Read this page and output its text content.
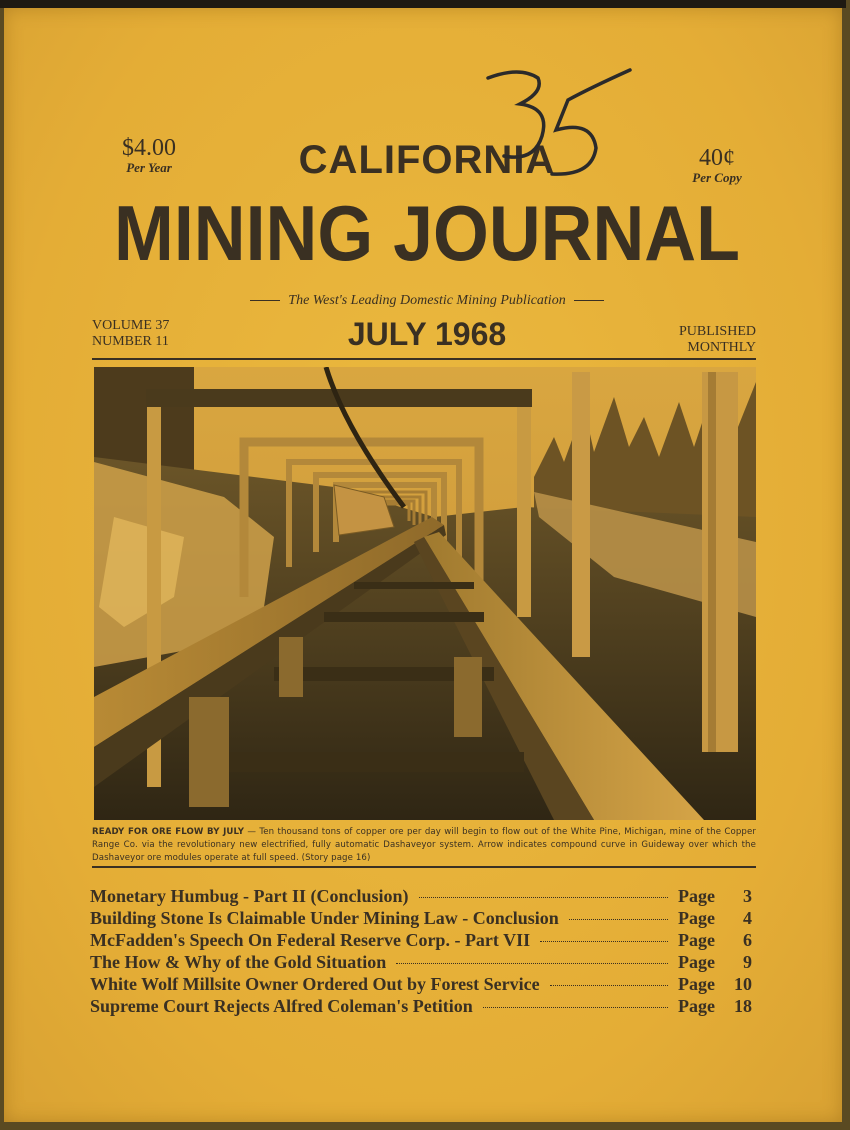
$4.00
Per Year	CALIFORNIA	40¢
Per Copy
MINING JOURNAL
The West's Leading Domestic Mining Publication
VOLUME 37
NUMBER 11	JULY 1968	PUBLISHED
MONTHLY
READY FOR ORE FLOW BY JULY — Ten thousand tons of copper ore per day will begin to flow out of the White Pine, Michigan, mine of the Copper Range Co. via the revolutionary new electrified, fully automatic Dashaveyor system. Arrow indicates compound curve in Guideway over which the Dashaveyor ore modules operate at full speed. (Story page 16)
Monetary Humbug - Part II (Conclusion)	Page	3
Building Stone Is Claimable Under Mining Law - Conclusion	Page	4
McFadden's Speech On Federal Reserve Corp. - Part VII	Page	6
The How & Why of the Gold Situation	Page	9
White Wolf Millsite Owner Ordered Out by Forest Service	Page	10
Supreme Court Rejects Alfred Coleman's Petition	Page	18
